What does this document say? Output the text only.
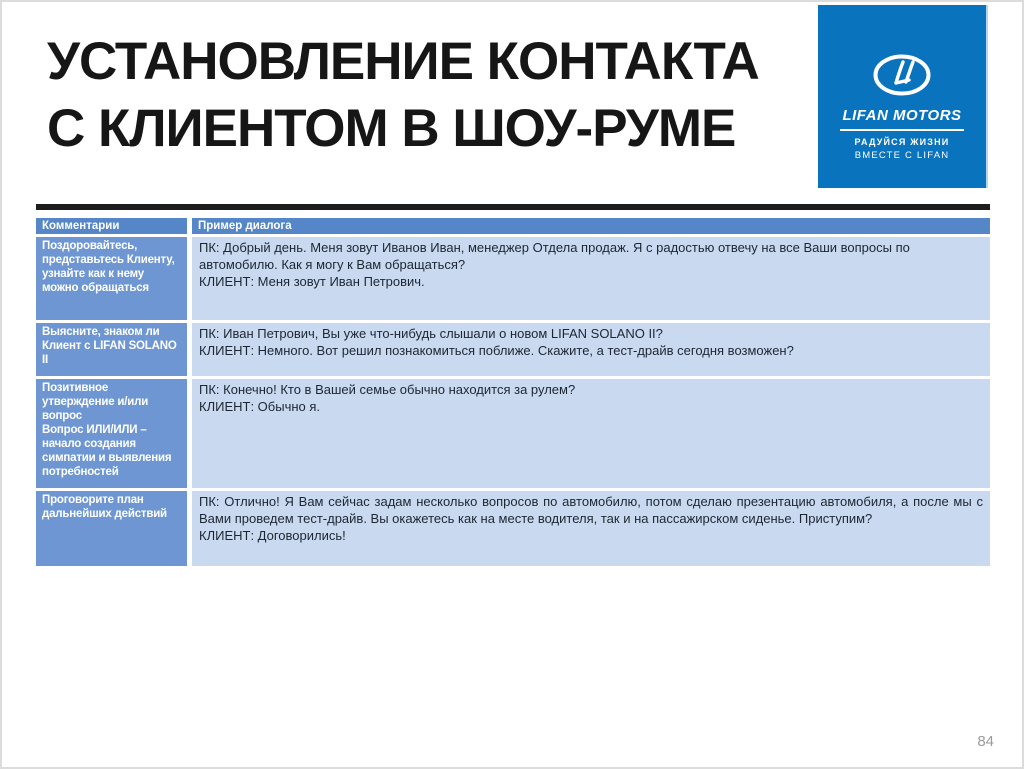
УСТАНОВЛЕНИЕ КОНТАКТА
С КЛИЕНТОМ В ШОУ-РУМЕ	LIFAN MOTORS
РАДУЙСЯ ЖИЗНИ
ВМЕСТЕ С LIFAN
Комментарии	Пример диалога

Поздоровайтесь, представьтесь Клиенту, узнайте как к нему можно обращаться

ПК: Добрый день. Меня зовут Иванов Иван, менеджер Отдела продаж. Я с радостью отвечу на все Ваши вопросы по автомобилю. Как я могу к Вам обращаться?

КЛИЕНТ: Меня зовут Иван Петрович.

Выясните, знаком ли Клиент с LIFAN SOLANO II

ПК: Иван Петрович, Вы уже что-нибудь слышали о новом LIFAN SOLANO II?

КЛИЕНТ: Немного. Вот решил познакомиться поближе. Скажите, а тест-драйв сегодня возможен?

Позитивное утверждение и/или вопрос

Вопрос ИЛИ/ИЛИ – начало создания симпатии и выявления потребностей

ПК: Конечно! Кто в Вашей семье обычно находится за рулем?

КЛИЕНТ: Обычно я.

Проговорите план дальнейших действий

ПК: Отлично! Я Вам сейчас задам несколько вопросов по автомобилю, потом сделаю презентацию автомобиля, а после мы с Вами проведем тест-драйв. Вы окажетесь как на месте водителя, так и на пассажирском сиденье. Приступим?

КЛИЕНТ: Договорились!

84
